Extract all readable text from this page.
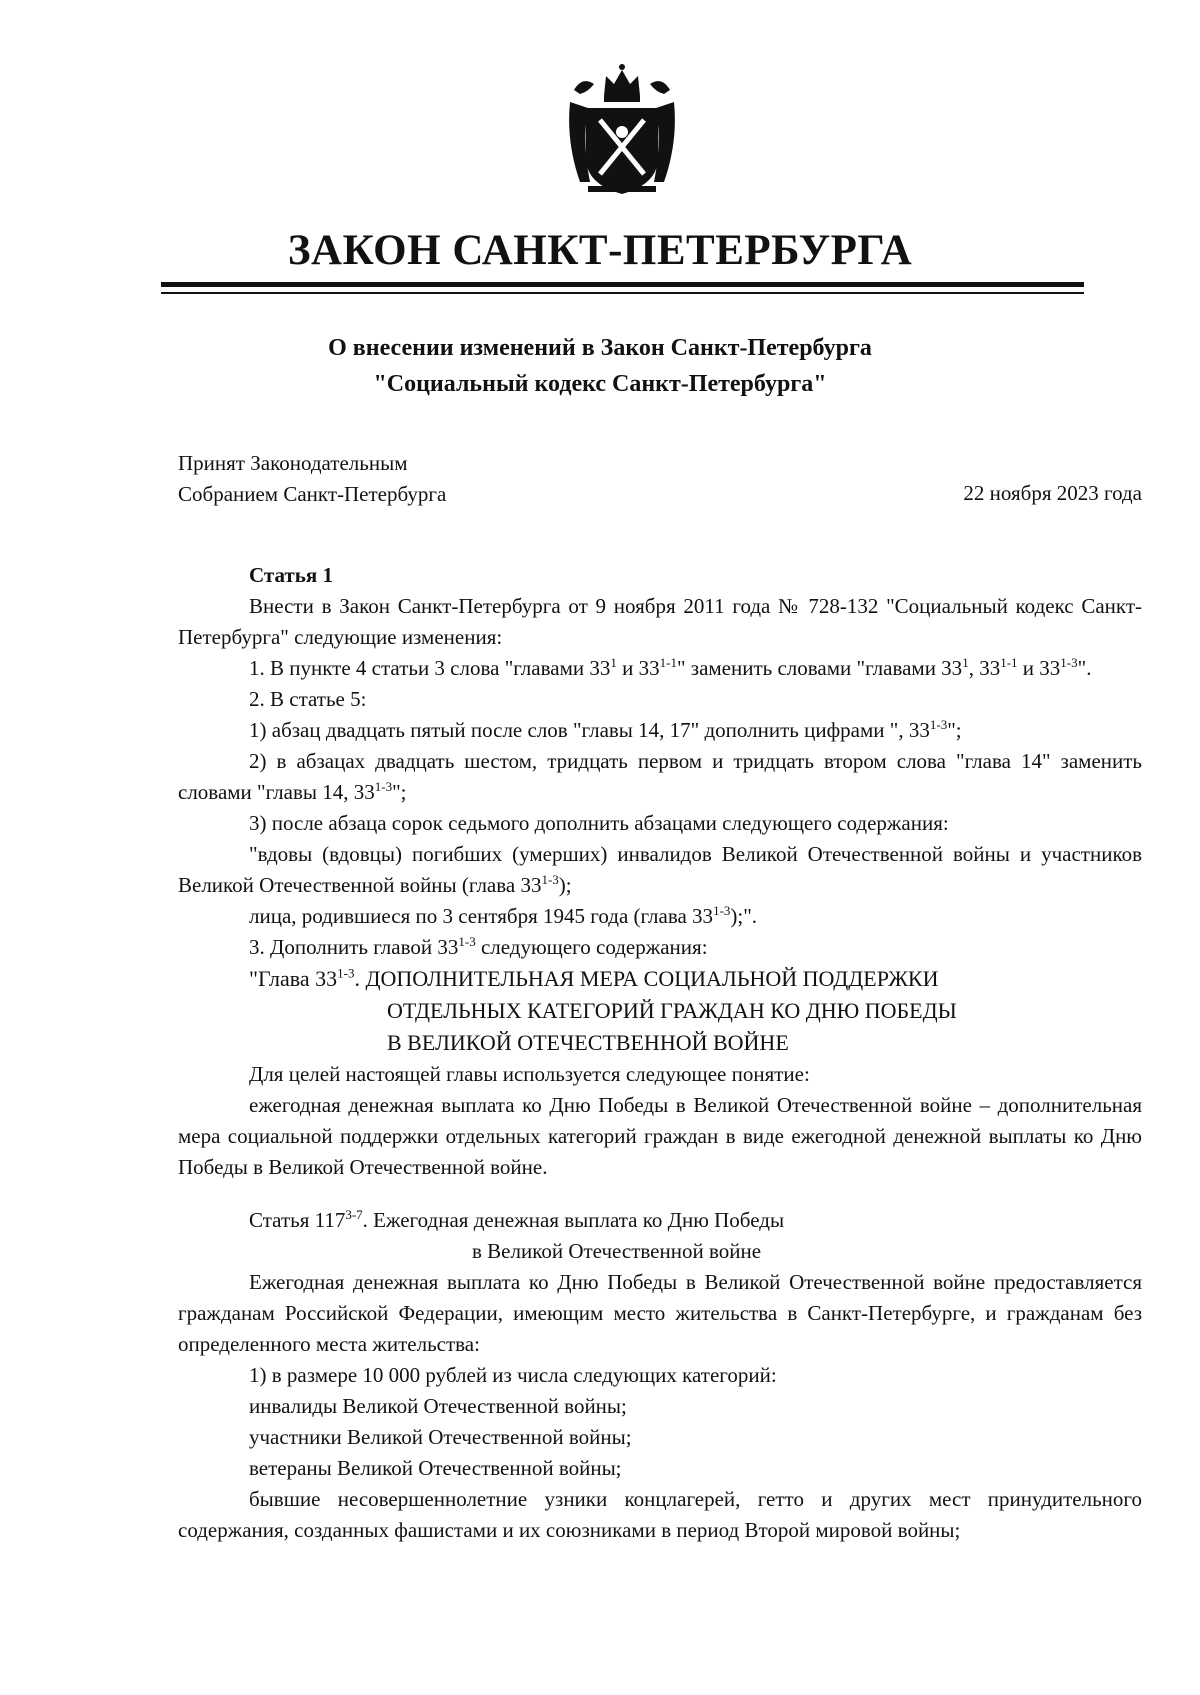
ЗАКОН САНКТ-ПЕТЕРБУРГА
О внесении изменений в Закон Санкт-Петербурга
"Социальный кодекс Санкт-Петербурга"
Принят Законодательным
Собранием Санкт-Петербурга	22 ноября 2023 года

Статья 1

Внести в Закон Санкт-Петербурга от 9 ноября 2011 года № 728-132 "Социальный кодекс Санкт-Петербурга" следующие изменения:

1. В пункте 4 статьи 3 слова "главами $33^1$ и 33$^{1-1}$" заменить словами "главами $33^1$, 33$^{1-1}$ и 33$^{1-3}$".

2. В статье 5:

1) абзац двадцать пятый после слов "главы 14, 17" дополнить цифрами ", 33$^{1-3}$";

2) в абзацах двадцать шестом, тридцать первом и тридцать втором слова "глава 14" заменить словами "главы 14, 33$^{1-3}$";

3) после абзаца сорок седьмого дополнить абзацами следующего содержания:

"вдовы (вдовцы) погибших (умерших) инвалидов Великой Отечественной войны и участников Великой Отечественной войны (глава 33$^{1-3}$);

лица, родившиеся по 3 сентября 1945 года (глава 33$^{1-3}$);".

3. Дополнить главой 33$^{1-3}$ следующего содержания:

"Глава 33$^{1-3}$. ДОПОЛНИТЕЛЬНАЯ МЕРА СОЦИАЛЬНОЙ ПОДДЕРЖКИ
ОТДЕЛЬНЫХ КАТЕГОРИЙ ГРАЖДАН КО ДНЮ ПОБЕДЫ
В ВЕЛИКОЙ ОТЕЧЕСТВЕННОЙ ВОЙНЕ

Для целей настоящей главы используется следующее понятие:

ежегодная денежная выплата ко Дню Победы в Великой Отечественной войне – дополнительная мера социальной поддержки отдельных категорий граждан в виде ежегодной денежной выплаты ко Дню Победы в Великой Отечественной войне.

Статья 117$^{3-7}$. Ежегодная денежная выплата ко Дню Победы
в Великой Отечественной войне

Ежегодная денежная выплата ко Дню Победы в Великой Отечественной войне предоставляется гражданам Российской Федерации, имеющим место жительства в Санкт-Петербурге, и гражданам без определенного места жительства:

1) в размере 10 000 рублей из числа следующих категорий:

инвалиды Великой Отечественной войны;

участники Великой Отечественной войны;

ветераны Великой Отечественной войны;

бывшие несовершеннолетние узники концлагерей, гетто и других мест принудительного содержания, созданных фашистами и их союзниками в период Второй мировой войны;
